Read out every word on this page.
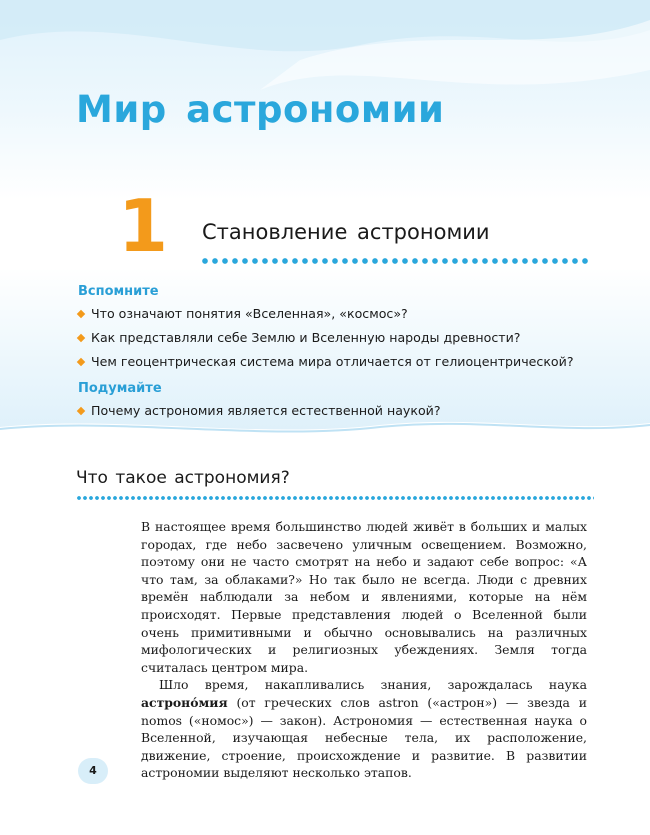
Мир астрономии
1 Становление астрономии
Вспомните
Что означают понятия «Вселенная», «космос»?
Как представляли себе Землю и Вселенную народы древности?
Чем геоцентрическая система мира отличается от гелиоцентрической?
Подумайте
Почему астрономия является естественной наукой?
Что такое астрономия?

В настоящее время большинство людей живёт в больших и малых городах, где небо засвечено уличным освещением. Возможно, поэтому они не часто смотрят на небо и задают себе вопрос: «А что там, за облаками?» Но так было не всегда. Люди с древних времён наблюдали за небом и явлениями, которые на нём происходят. Первые представления людей о Вселенной были очень примитивными и обычно основывались на различных мифологических и религиозных убеждениях. Земля тогда считалась центром мира.

Шло время, накапливались знания, зарождалась наука астроно́мия (от греческих слов astron («астрон») — звезда и nomos («номос») — закон). Астрономия — естественная наука о Вселенной, изучающая небесные тела, их расположение, движение, строение, происхождение и развитие. В развитии астрономии выделяют несколько этапов.

4
